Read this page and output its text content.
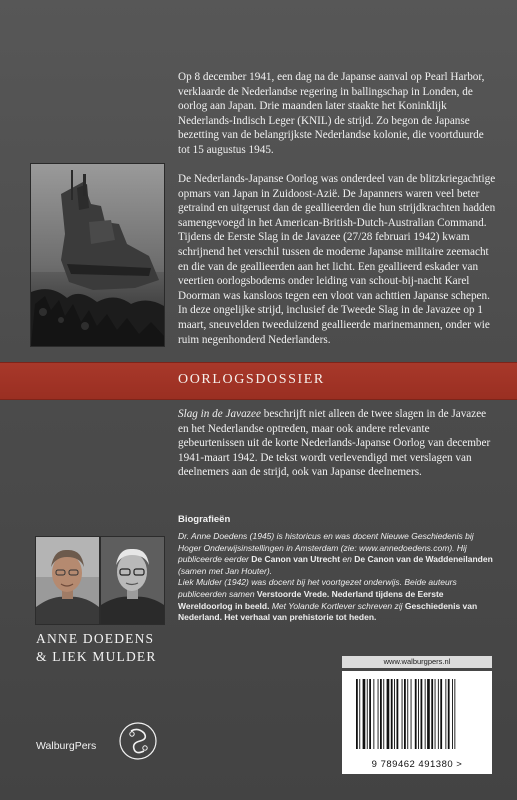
Op 8 december 1941, een dag na de Japanse aanval op Pearl Harbor, verklaarde de Nederlandse regering in ballingschap in Londen, de oorlog aan Japan. Drie maanden later staakte het Koninklijk Nederlands-Indisch Leger (KNIL) de strijd. Zo begon de Japanse bezetting van de belangrijkste Nederlandse kolonie, die voortduurde tot 15 augustus 1945.

De Nederlands-Japanse Oorlog was onderdeel van de blitzkriegachtige opmars van Japan in Zuidoost-Azië. De Japanners waren veel beter getraind en uitgerust dan de geallieerden die hun strijdkrachten hadden samengevoegd in het American-British-Dutch-Australian Command. Tijdens de Eerste Slag in de Javazee (27/28 februari 1942) kwam schrijnend het verschil tussen de moderne Japanse militaire zeemacht en die van de geallieerden aan het licht. Een geallieerd eskader van veertien oorlogsbodems onder leiding van schout-bij-nacht Karel Doorman was kansloos tegen een vloot van achttien Japanse schepen. In deze ongelijke strijd, inclusief de Tweede Slag in de Javazee op 1 maart, sneuvelden tweeduizend geallieerde marinemannen, onder wie ruim negenhonderd Nederlanders.

OORLOGSDOSSIER

Slag in de Javazee beschrijft niet alleen de twee slagen in de Javazee en het Nederlandse optreden, maar ook andere relevante gebeurtenissen uit de korte Nederlands-Japanse Oorlog van december 1941-maart 1942. De tekst wordt verlevendigd met verslagen van deelnemers aan de strijd, ook van Japanse deelnemers.

Biografieën

Dr. Anne Doedens (1945) is historicus en was docent Nieuwe Geschiedenis bij Hoger Onderwijsinstellingen in Amsterdam (zie: www.annedoedens.com). Hij publiceerde eerder De Canon van Utrecht en De Canon van de Waddeneilanden (samen met Jan Houter).
Liek Mulder (1942) was docent bij het voortgezet onderwijs. Beide auteurs publiceerden samen Verstoorde Vrede. Nederland tijdens de Eerste Wereldoorlog in beeld. Met Yolande Kortlever schreven zij Geschiedenis van Nederland. Het verhaal van prehistorie tot heden.

ANNE DOEDENS
& LIEK MULDER
WalburgPers
www.walburgpers.nl
9 789462 491380 >
